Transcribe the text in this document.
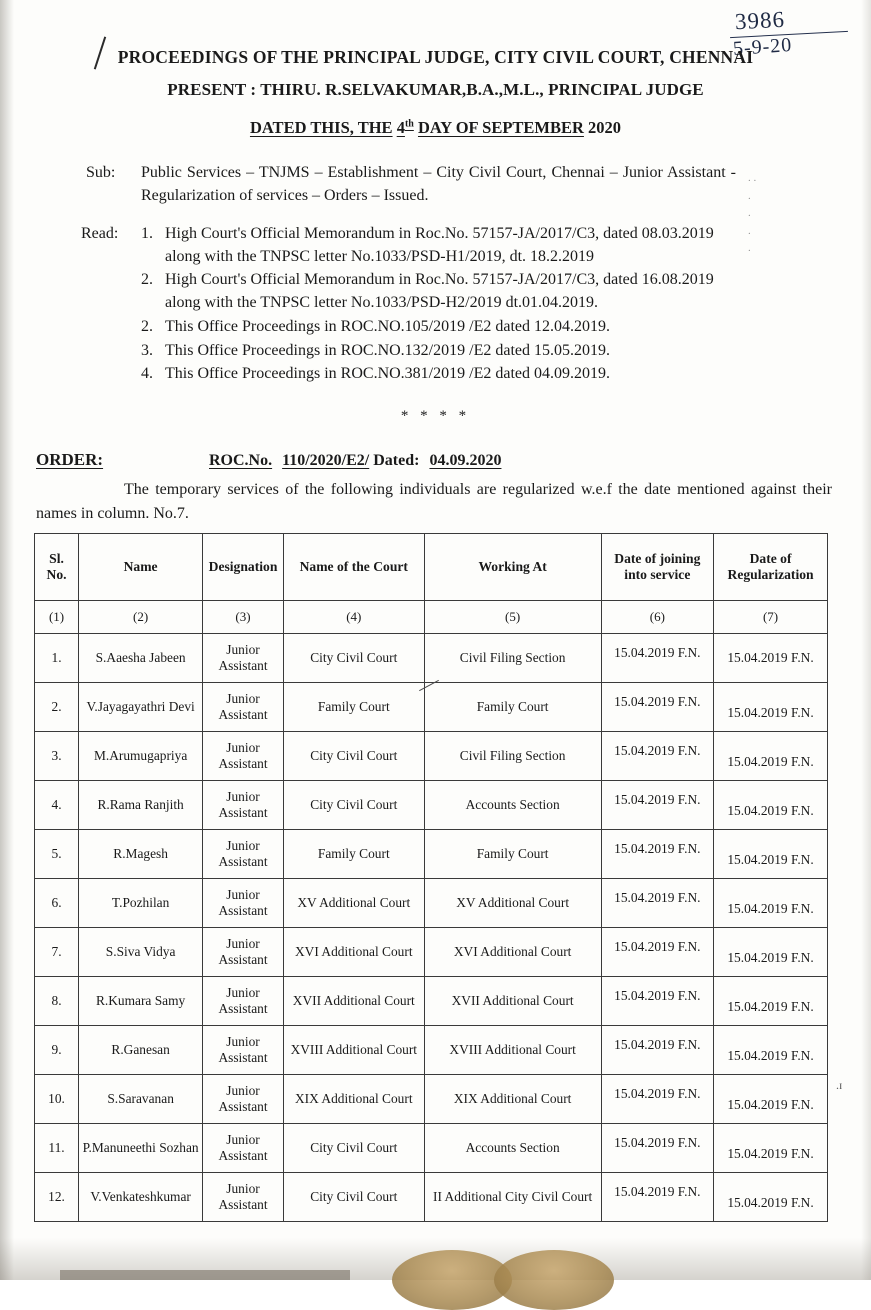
3986
5-9-20
PROCEEDINGS OF THE PRINCIPAL JUDGE, CITY CIVIL COURT, CHENNAI
PRESENT : THIRU. R.SELVAKUMAR,B.A.,M.L., PRINCIPAL JUDGE
DATED THIS, THE 4th DAY OF SEPTEMBER 2020
Sub: Public Services – TNJMS – Establishment – City Civil Court, Chennai – Junior Assistant - Regularization of services – Orders – Issued.
Read: 1. High Court's Official Memorandum in Roc.No. 57157-JA/2017/C3, dated 08.03.2019 along with the TNPSC letter No.1033/PSD-H1/2019, dt. 18.2.2019
2. High Court's Official Memorandum in Roc.No. 57157-JA/2017/C3, dated 16.08.2019 along with the TNPSC letter No.1033/PSD-H2/2019 dt.01.04.2019.
2. This Office Proceedings in ROC.NO.105/2019 /E2 dated 12.04.2019.
3. This Office Proceedings in ROC.NO.132/2019 /E2 dated 15.05.2019.
4. This Office Proceedings in ROC.NO.381/2019 /E2 dated 04.09.2019.
* * * *
ORDER:	ROC.No. 110/2020/E2/ Dated: 04.09.2020
The temporary services of the following individuals are regularized w.e.f the date mentioned against their names in column. No.7.
. .
.
.
.
.
Sl. No.	Name	Designation	Name of the Court	Working At	Date of joining into service	Date of Regularization
(1)	(2)	(3)	(4)	(5)	(6)	(7)
1.	S.Aaesha Jabeen	Junior Assistant	City Civil Court	Civil Filing Section	15.04.2019 F.N.	15.04.2019 F.N.
2.	V.Jayagayathri Devi	Junior Assistant	Family Court	Family Court	15.04.2019 F.N.	15.04.2019 F.N.
3.	M.Arumugapriya	Junior Assistant	City Civil Court	Civil Filing Section	15.04.2019 F.N.	15.04.2019 F.N.
4.	R.Rama Ranjith	Junior Assistant	City Civil Court	Accounts Section	15.04.2019 F.N.	15.04.2019 F.N.
5.	R.Magesh	Junior Assistant	Family Court	Family Court	15.04.2019 F.N.	15.04.2019 F.N.
6.	T.Pozhilan	Junior Assistant	XV Additional Court	XV Additional Court	15.04.2019 F.N.	15.04.2019 F.N.
7.	S.Siva Vidya	Junior Assistant	XVI Additional Court	XVI Additional Court	15.04.2019 F.N.	15.04.2019 F.N.
8.	R.Kumara Samy	Junior Assistant	XVII Additional Court	XVII Additional Court	15.04.2019 F.N.	15.04.2019 F.N.
9.	R.Ganesan	Junior Assistant	XVIII Additional Court	XVIII Additional Court	15.04.2019 F.N.	15.04.2019 F.N.
10.	S.Saravanan	Junior Assistant	XIX Additional Court	XIX Additional Court	15.04.2019 F.N.	15.04.2019 F.N.
11.	P.Manuneethi Sozhan	Junior Assistant	City Civil Court	Accounts Section	15.04.2019 F.N.	15.04.2019 F.N.
12.	V.Venkateshkumar	Junior Assistant	City Civil Court	II Additional City Civil Court	15.04.2019 F.N.	15.04.2019 F.N.
.ɪ
